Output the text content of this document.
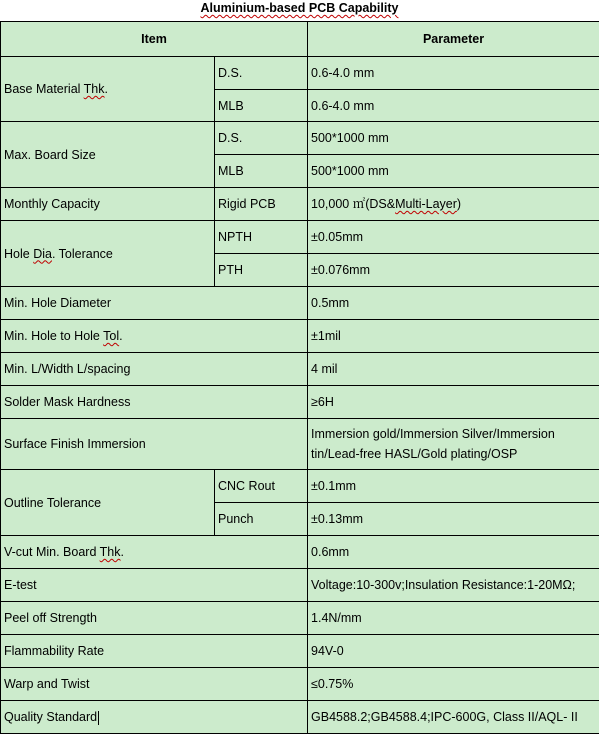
Aluminium-based PCB Capability
Item		Parameter
Base Material Thk.	D.S.	0.6-4.0 mm
	MLB	0.6-4.0 mm
Max. Board Size	D.S.	500*1000 mm
	MLB	500*1000 mm
Monthly Capacity	Rigid PCB	10,000 ㎡(DS&Multi-Layer)
Hole Dia. Tolerance	NPTH	±0.05mm
	PTH	±0.076mm
Min. Hole Diameter		0.5mm
Min. Hole to Hole Tol.		±1mil
Min. L/Width L/spacing		4 mil
Solder Mask Hardness		≥6H
Surface Finish Immersion		Immersion gold/Immersion Silver/Immersion
tin/Lead-free HASL/Gold plating/OSP

Outline Tolerance	CNC Rout	±0.1mm
	Punch	±0.13mm
V-cut Min. Board Thk.		0.6mm
E-test		Voltage:10-300v;Insulation Resistance:1-20MΩ;
Peel off Strength		1.4N/mm
Flammability Rate		94V-0
Warp and Twist		≤0.75%
Quality Standard		GB4588.2;GB4588.4;IPC-600G, Class II/AQL- II
